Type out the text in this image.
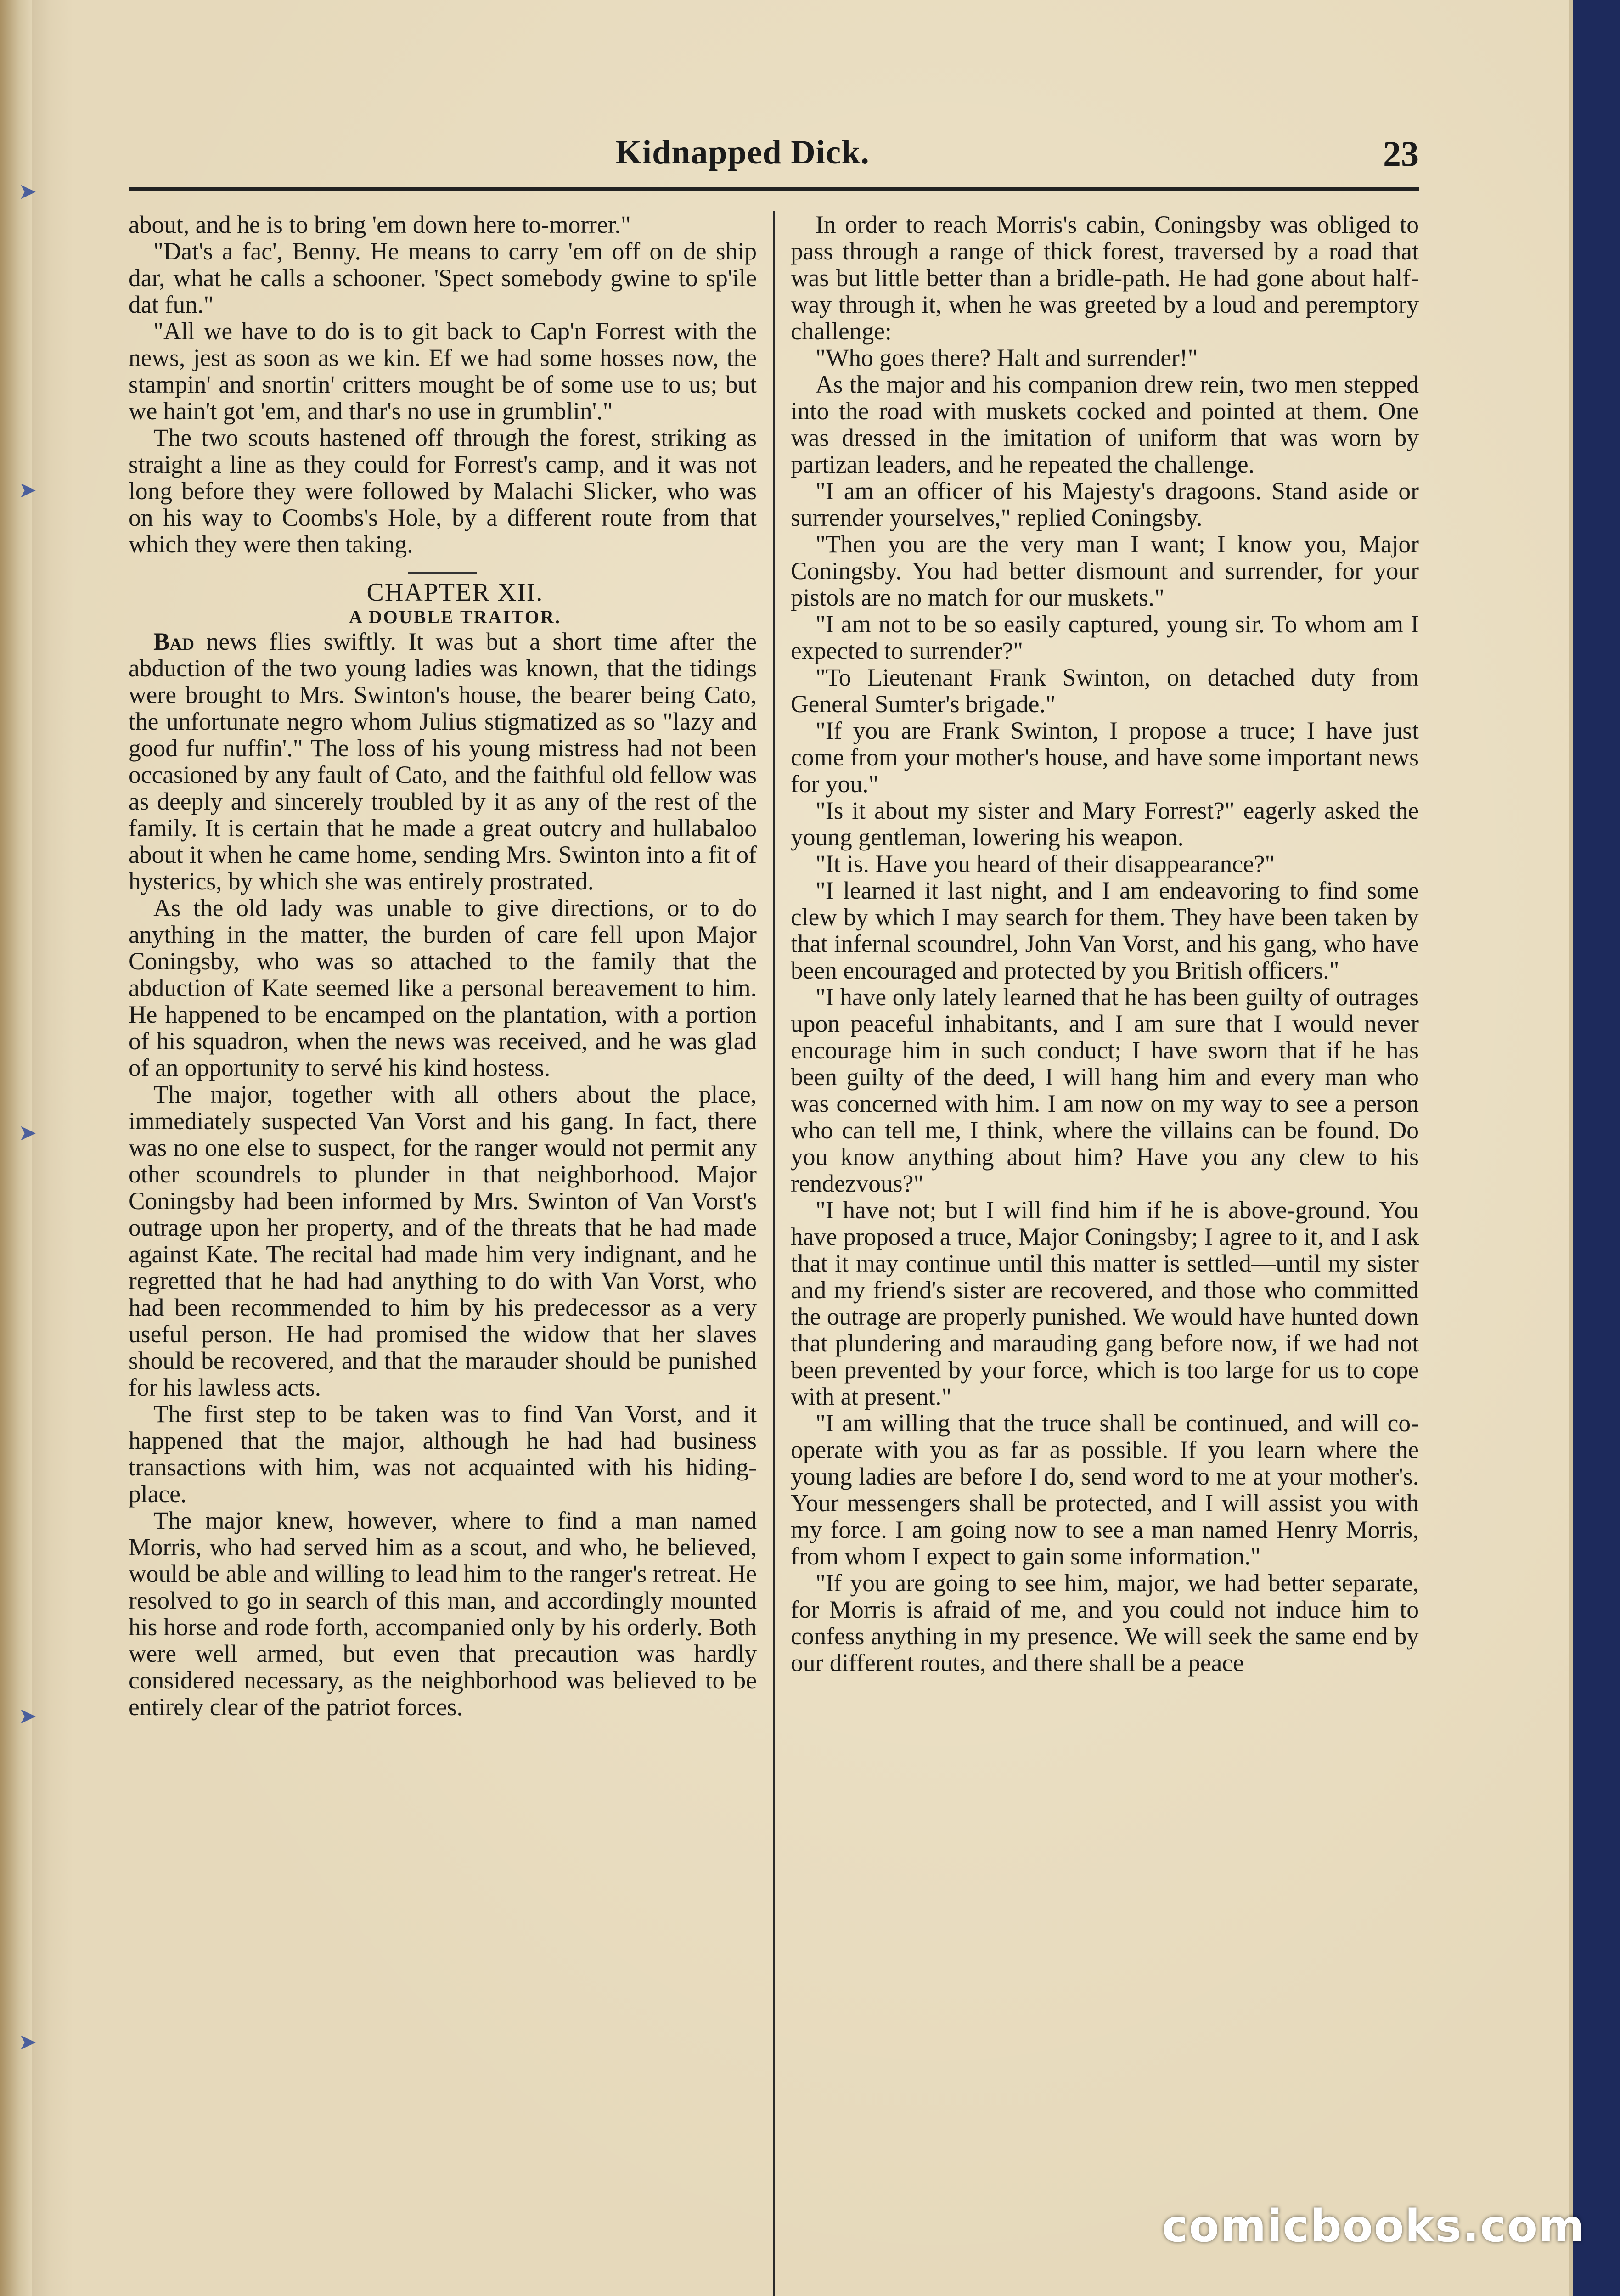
➤
➤
➤
➤
➤
Kidnapped Dick.	23

about, and he is to bring 'em down here to-morrer."

"Dat's a fac', Benny. He means to carry 'em off on de ship dar, what he calls a schooner. 'Spect somebody gwine to sp'ile dat fun."

"All we have to do is to git back to Cap'n Forrest with the news, jest as soon as we kin. Ef we had some hosses now, the stampin' and snortin' critters mought be of some use to us; but we hain't got 'em, and thar's no use in grumblin'."

The two scouts hastened off through the forest, striking as straight a line as they could for Forrest's camp, and it was not long before they were followed by Malachi Slicker, who was on his way to Coombs's Hole, by a different route from that which they were then taking.

CHAPTER XII.

A DOUBLE TRAITOR.

Bad news flies swiftly. It was but a short time after the abduction of the two young ladies was known, that the tidings were brought to Mrs. Swinton's house, the bearer being Cato, the unfortunate negro whom Julius stigmatized as so "lazy and good fur nuffin'." The loss of his young mistress had not been occasioned by any fault of Cato, and the faithful old fellow was as deeply and sincerely troubled by it as any of the rest of the family. It is certain that he made a great outcry and hullabaloo about it when he came home, sending Mrs. Swinton into a fit of hysterics, by which she was entirely prostrated.

As the old lady was unable to give directions, or to do anything in the matter, the burden of care fell upon Major Coningsby, who was so attached to the family that the abduction of Kate seemed like a personal bereavement to him. He happened to be encamped on the plantation, with a portion of his squadron, when the news was received, and he was glad of an opportunity to servé his kind hostess.

The major, together with all others about the place, immediately suspected Van Vorst and his gang. In fact, there was no one else to suspect, for the ranger would not permit any other scoundrels to plunder in that neighborhood. Major Coningsby had been informed by Mrs. Swinton of Van Vorst's outrage upon her property, and of the threats that he had made against Kate. The recital had made him very indignant, and he regretted that he had had anything to do with Van Vorst, who had been recommended to him by his predecessor as a very useful person. He had promised the widow that her slaves should be recovered, and that the marauder should be punished for his lawless acts.

The first step to be taken was to find Van Vorst, and it happened that the major, although he had had business transactions with him, was not acquainted with his hiding-place.

The major knew, however, where to find a man named Morris, who had served him as a scout, and who, he believed, would be able and willing to lead him to the ranger's retreat. He resolved to go in search of this man, and accordingly mounted his horse and rode forth, accompanied only by his orderly. Both were well armed, but even that precaution was hardly considered necessary, as the neighborhood was believed to be entirely clear of the patriot forces.

In order to reach Morris's cabin, Coningsby was obliged to pass through a range of thick forest, traversed by a road that was but little better than a bridle-path. He had gone about half-way through it, when he was greeted by a loud and peremptory challenge:

"Who goes there? Halt and surrender!"

As the major and his companion drew rein, two men stepped into the road with muskets cocked and pointed at them. One was dressed in the imitation of uniform that was worn by partizan leaders, and he repeated the challenge.

"I am an officer of his Majesty's dragoons. Stand aside or surrender yourselves," replied Coningsby.

"Then you are the very man I want; I know you, Major Coningsby. You had better dismount and surrender, for your pistols are no match for our muskets."

"I am not to be so easily captured, young sir. To whom am I expected to surrender?"

"To Lieutenant Frank Swinton, on detached duty from General Sumter's brigade."

"If you are Frank Swinton, I propose a truce; I have just come from your mother's house, and have some important news for you."

"Is it about my sister and Mary Forrest?" eagerly asked the young gentleman, lowering his weapon.

"It is. Have you heard of their disappearance?"

"I learned it last night, and I am endeavoring to find some clew by which I may search for them. They have been taken by that infernal scoundrel, John Van Vorst, and his gang, who have been encouraged and protected by you British officers."

"I have only lately learned that he has been guilty of outrages upon peaceful inhabitants, and I am sure that I would never encourage him in such conduct; I have sworn that if he has been guilty of the deed, I will hang him and every man who was concerned with him. I am now on my way to see a person who can tell me, I think, where the villains can be found. Do you know anything about him? Have you any clew to his rendezvous?"

"I have not; but I will find him if he is above-ground. You have proposed a truce, Major Coningsby; I agree to it, and I ask that it may continue until this matter is settled—until my sister and my friend's sister are recovered, and those who committed the outrage are properly punished. We would have hunted down that plundering and marauding gang before now, if we had not been prevented by your force, which is too large for us to cope with at present."

"I am willing that the truce shall be continued, and will co-operate with you as far as possible. If you learn where the young ladies are before I do, send word to me at your mother's. Your messengers shall be protected, and I will assist you with my force. I am going now to see a man named Henry Morris, from whom I expect to gain some information."

"If you are going to see him, major, we had better separate, for Morris is afraid of me, and you could not induce him to confess anything in my presence. We will seek the same end by our different routes, and there shall be a peace

comicbooks.com
